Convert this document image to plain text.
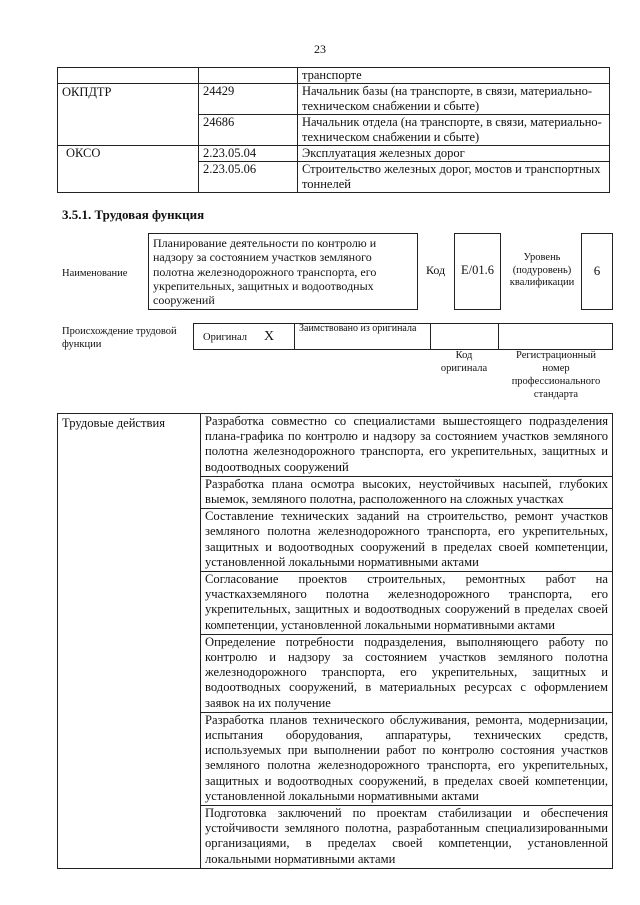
23
		транспорте
ОКПДТР	24429	Начальник базы (на транспорте, в связи, материально-техническом снабжении и сбыте)
	24686	Начальник отдела (на транспорте, в связи, материально-техническом снабжении и сбыте)
ОКСО	2.23.05.04	Эксплуатация железных дорог
	2.23.05.06	Строительство железных дорог, мостов и транспортных тоннелей
3.5.1. Трудовая функция
Наименование
Планирование деятельности по контролю и надзору за состоянием участков земляного полотна железнодорожного транспорта, его укрепительных, защитных и водоотводных сооружений
Код	E/01.6
Уровень (подуровень) квалификации
6
Происхождение трудовой функции
Оригинал X
Заимствовано из оригинала
Код оригинала
Регистрационный номер профессионального стандарта
Трудовые действия	Разработка совместно со специалистами вышестоящего подразделения плана-графика по контролю и надзору за состоянием участков земляного полотна железнодорожного транспорта, его укрепительных, защитных и водоотводных сооружений
Разработка плана осмотра высоких, неустойчивых насыпей, глубоких выемок, земляного полотна, расположенного на сложных участках
Составление технических заданий на строительство, ремонт участков земляного полотна железнодорожного транспорта, его укрепительных, защитных и водоотводных сооружений в пределах своей компетенции, установленной локальными нормативными актами
Согласование проектов строительных, ремонтных работ на участкахземляного полотна железнодорожного транспорта, его укрепительных, защитных и водоотводных сооружений в пределах своей компетенции, установленной локальными нормативными актами
Определение потребности подразделения, выполняющего работу по контролю и надзору за состоянием участков земляного полотна железнодорожного транспорта, его укрепительных, защитных и водоотводных сооружений, в материальных ресурсах с оформлением заявок на их получение
Разработка планов технического обслуживания, ремонта, модернизации, испытания оборудования, аппаратуры, технических средств, используемых при выполнении работ по контролю состояния участков земляного полотна железнодорожного транспорта, его укрепительных, защитных и водоотводных сооружений, в пределах своей компетенции, установленной локальными нормативными актами
Подготовка заключений по проектам стабилизации и обеспечения устойчивости земляного полотна, разработанным специализированными организациями, в пределах своей компетенции, установленной локальными нормативными актами
